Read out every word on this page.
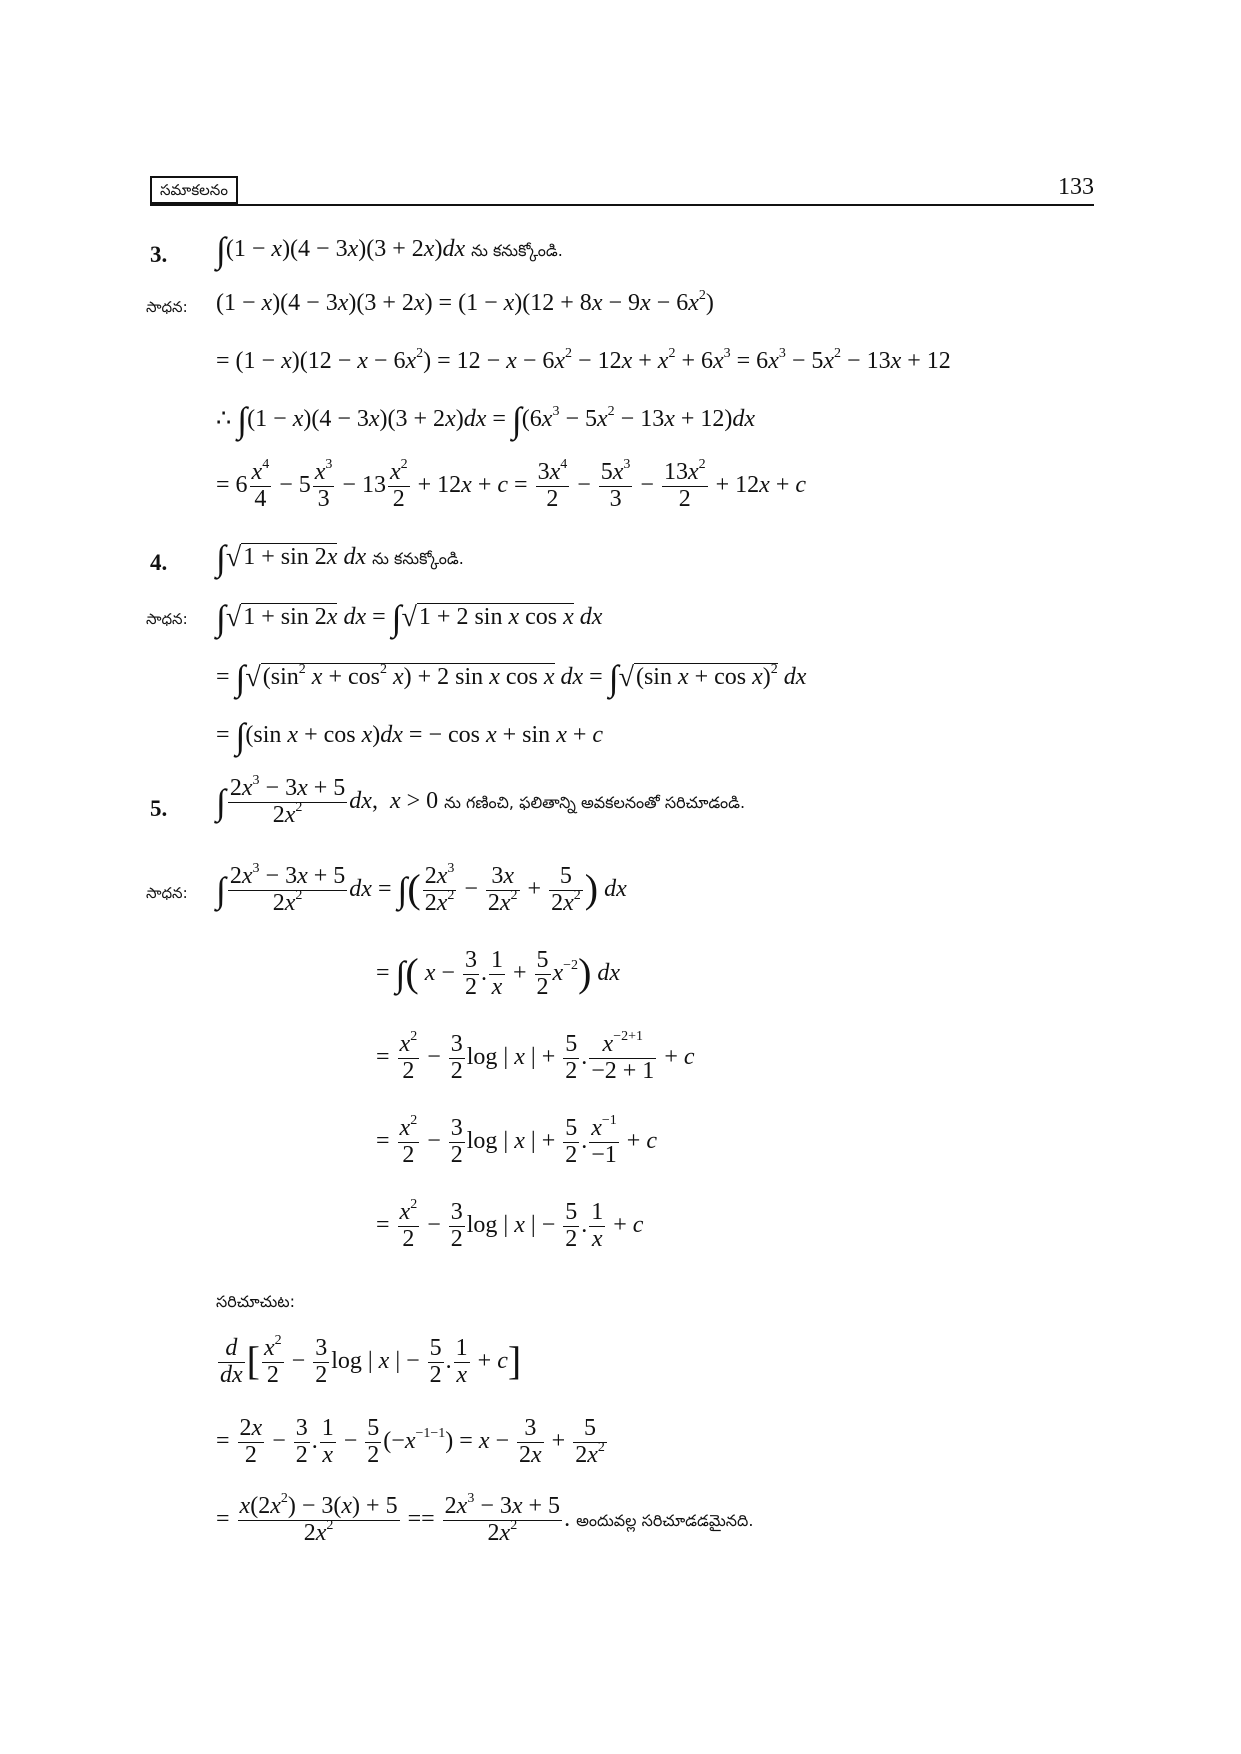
సమాకలనం	133
3. ∫(1 − x)(4 − 3x)(3 + 2x)dx ను కనుక్కోండి.
సాధన: $(1 - x)(4 - 3x)(3 + 2x) = (1 - x)(12 + 8x - 9x - 6x^2)$
= $(1 - x)(12 - x - 6x^2) = 12 - x - 6x^2 - 12x + x^2 + 6x^3 = 6x^3 - 5x^2 - 13x + 12$
∴ $\int(1 - x)(4 - 3x)(3 + 2x)dx = \int(6x^3 - 5x^2 - 13x + 12)dx$
= $6 \frac{x^4}{4} - 5 \frac{x^3}{3} - 13 \frac{x^2}{2} + 12x + c = \frac{3x^4}{2} - \frac{5x^3}{3} - \frac{13x^2}{2} + 12x + c$
4. ∫√1 + sin 2x dx ను కనుక్కోండి.
సాధన: ∫√1 + sin 2x dx = ∫√1 + 2 sin x cos x dx
= $\int√(\sin^2$ $x + \cos^2 x) + 2$ sin x cos x dx = ∫√(sin x + cos x)$^2$ dx
= ∫(sin x + cos x)dx = − cos x + sin x + c
5. ∫ $\frac{2x^3 - 3x + 5}{2x^2}$ dx,  x > 0 ను గణించి, ఫలితాన్ని అవకలనంతో సరిచూడండి.
సాధన: ∫ $\frac{2x^3 - 3x + 5}{2x^2}$ dx = ∫( $\frac{2x^3}{2x^2} - \frac{3x}{2x^2} + \frac{5}{2x^2}$ ) dx
= ∫( $x - \frac{3}{2}$ . $\frac{1}{x} + \frac{5}{2} x^{-2}$) dx
= $\frac{x^2}{2} - \frac{3}{2}$ log | x | + $\frac{5}{2}$ . $\frac{x^{-2+1}}{-2 + 1} + c$
= $\frac{x^2}{2} - \frac{3}{2}$ log | x | + $\frac{5}{2}$ . $\frac{x^{-1}}{-1} + c$
= $\frac{x^2}{2} - \frac{3}{2}$ log | x | − $\frac{5}{2}$ . $\frac{1}{x} + c$
సరిచూచుట:
$\frac{d}{dx}$ [ $\frac{x^2}{2} - \frac{3}{2}$ log | x | − $\frac{5}{2}$ . $\frac{1}{x} + c$]
= $\frac{2x}{2} - \frac{3}{2}$ . $\frac{1}{x} - \frac{5}{2} (-x^{-1-1}) = x - \frac{3}{2x} + \frac{5}{2x^2}$
= $\frac{x(2x^2) - 3(x) + 5}{2x^2} == \frac{2x^3 - 3x + 5}{2x^2}$ . అందువల్ల సరిచూడడమైనది.
